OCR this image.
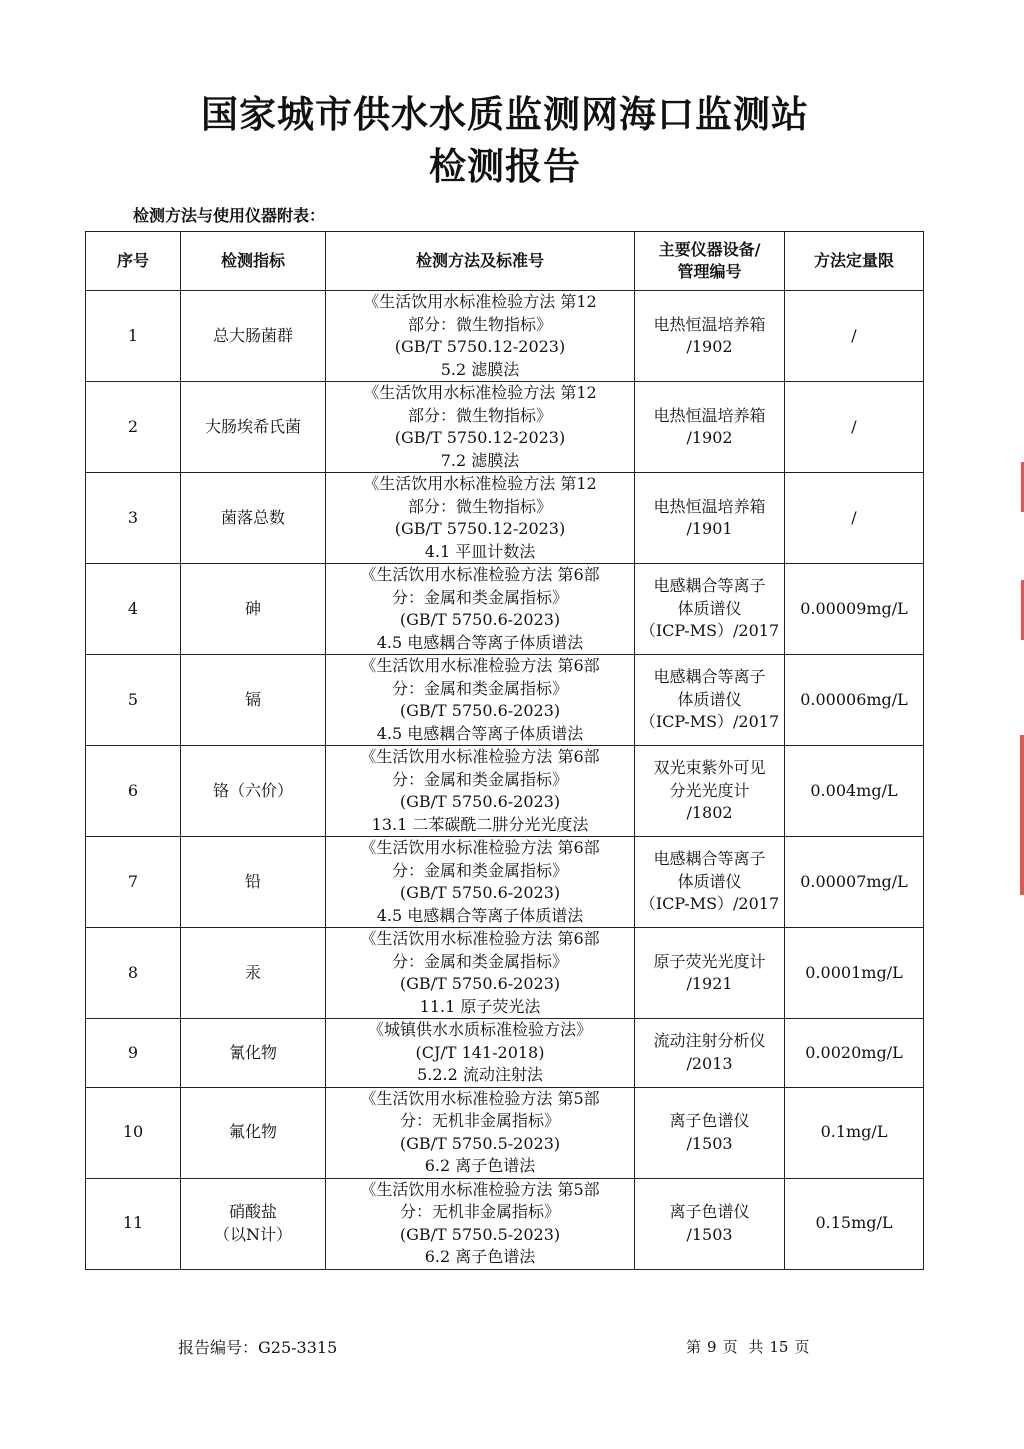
国家城市供水水质监测网海口监测站
检测报告
检测方法与使用仪器附表：
序号	检测指标	检测方法及标准号	主要仪器设备/
管理编号	方法定量限
1	总大肠菌群	《生活饮用水标准检验方法 第12
部分：微生物指标》
(GB/T 5750.12-2023)
5.2 滤膜法	电热恒温培养箱
/1902	/
2	大肠埃希氏菌	《生活饮用水标准检验方法 第12
部分：微生物指标》
(GB/T 5750.12-2023)
7.2 滤膜法	电热恒温培养箱
/1902	/
3	菌落总数	《生活饮用水标准检验方法 第12
部分：微生物指标》
(GB/T 5750.12-2023)
4.1 平皿计数法	电热恒温培养箱
/1901	/
4	砷	《生活饮用水标准检验方法 第6部
分：金属和类金属指标》
(GB/T 5750.6-2023)
4.5 电感耦合等离子体质谱法	电感耦合等离子
体质谱仪
（ICP-MS）/2017	0.00009mg/L
5	镉	《生活饮用水标准检验方法 第6部
分：金属和类金属指标》
(GB/T 5750.6-2023)
4.5 电感耦合等离子体质谱法	电感耦合等离子
体质谱仪
（ICP-MS）/2017	0.00006mg/L
6	铬（六价）	《生活饮用水标准检验方法 第6部
分：金属和类金属指标》
(GB/T 5750.6-2023)
13.1 二苯碳酰二肼分光光度法	双光束紫外可见
分光光度计
/1802	0.004mg/L
7	铅	《生活饮用水标准检验方法 第6部
分：金属和类金属指标》
(GB/T 5750.6-2023)
4.5 电感耦合等离子体质谱法	电感耦合等离子
体质谱仪
（ICP-MS）/2017	0.00007mg/L
8	汞	《生活饮用水标准检验方法 第6部
分：金属和类金属指标》
(GB/T 5750.6-2023)
11.1 原子荧光法	原子荧光光度计
/1921	0.0001mg/L
9	氰化物	《城镇供水水质标准检验方法》
(CJ/T 141-2018)
5.2.2 流动注射法	流动注射分析仪
/2013	0.0020mg/L
10	氟化物	《生活饮用水标准检验方法 第5部
分：无机非金属指标》
(GB/T 5750.5-2023)
6.2 离子色谱法	离子色谱仪
/1503	0.1mg/L
11	硝酸盐
（以N计）	《生活饮用水标准检验方法 第5部
分：无机非金属指标》
(GB/T 5750.5-2023)
6.2 离子色谱法	离子色谱仪
/1503	0.15mg/L
报告编号：G25-3315	第 9 页 共 15 页
